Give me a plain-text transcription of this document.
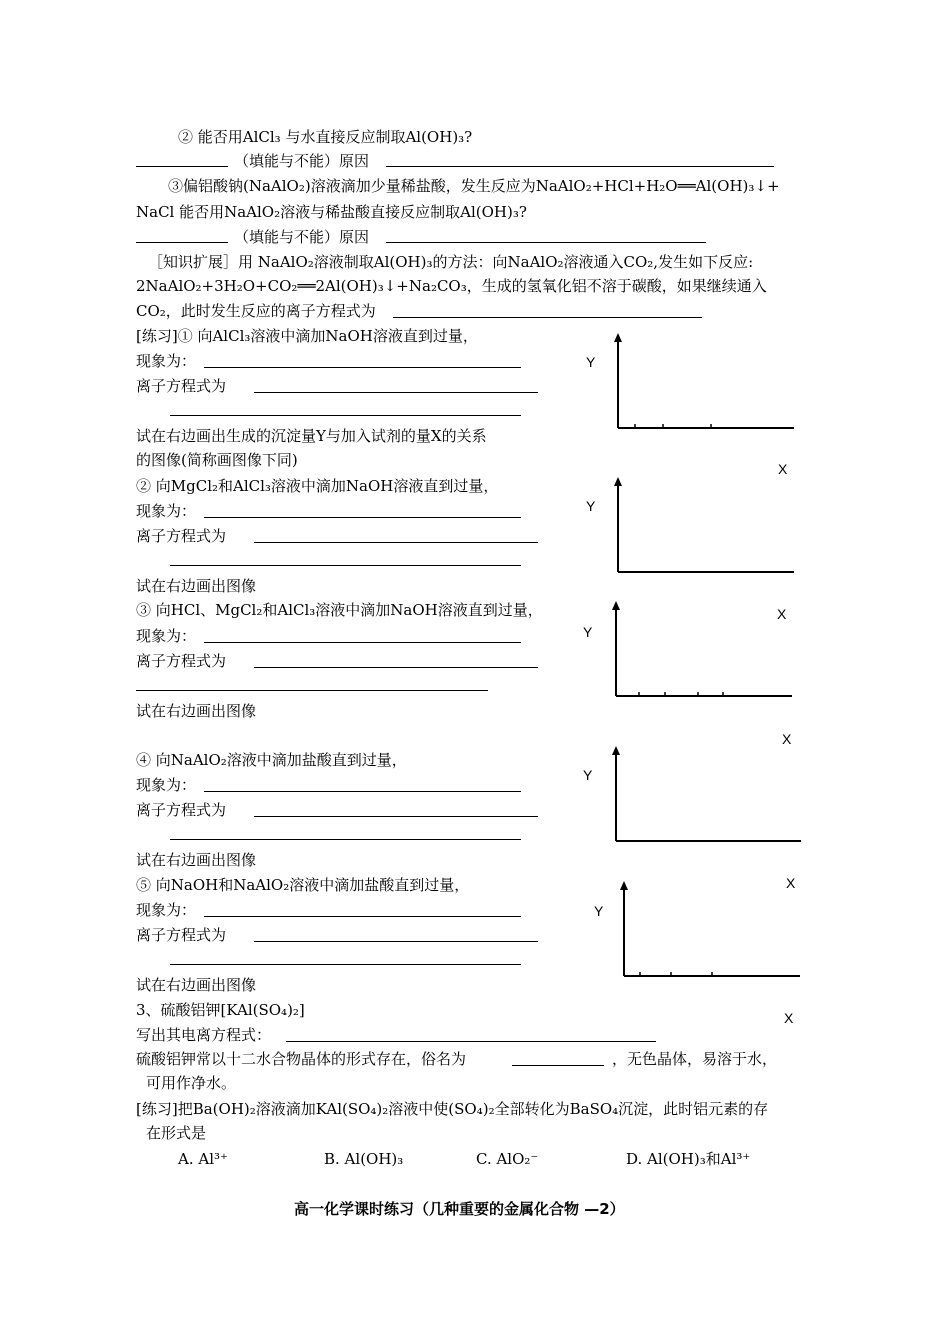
② 能否用AlCl₃ 与水直接反应制取Al(OH)₃?
（填能与不能）原因
③偏铝酸钠(NaAlO₂)溶液滴加少量稀盐酸，发生反应为NaAlO₂+HCl+H₂O══Al(OH)₃↓+
NaCl 能否用NaAlO₂溶液与稀盐酸直接反应制取Al(OH)₃?
（填能与不能）原因
［知识扩展］用 NaAlO₂溶液制取Al(OH)₃的方法：向NaAlO₂溶液通入CO₂,发生如下反应:
2NaAlO₂+3H₂O+CO₂══2Al(OH)₃↓+Na₂CO₃，生成的氢氧化铝不溶于碳酸，如果继续通入
CO₂，此时发生反应的离子方程式为
[练习]① 向AlCl₃溶液中滴加NaOH溶液直到过量，
现象为：
离子方程式为
试在右边画出生成的沉淀量Y与加入试剂的量X的关系
的图像(简称画图像下同)
② 向MgCl₂和AlCl₃溶液中滴加NaOH溶液直到过量，
现象为：
离子方程式为
试在右边画出图像
③ 向HCl、MgCl₂和AlCl₃溶液中滴加NaOH溶液直到过量，
现象为：
离子方程式为
试在右边画出图像
④ 向NaAlO₂溶液中滴加盐酸直到过量，
现象为：
离子方程式为
试在右边画出图像
⑤ 向NaOH和NaAlO₂溶液中滴加盐酸直到过量，
现象为：
离子方程式为
试在右边画出图像
3、硫酸铝钾[KAl(SO₄)₂]
写出其电离方程式：
硫酸铝钾常以十二水合物晶体的形式存在，俗名为	，无色晶体，易溶于水，
可用作净水。
[练习]把Ba(OH)₂溶液滴加KAl(SO₄)₂溶液中使(SO₄)₂全部转化为BaSO₄沉淀，此时铝元素的存
在形式是
A. Al³⁺	B. Al(OH)₃	C. AlO₂⁻	D. Al(OH)₃和Al³⁺
高一化学课时练习（几种重要的金属化合物 —2）
Y
X
Y
Y
X
X
Y
X
Y
X
